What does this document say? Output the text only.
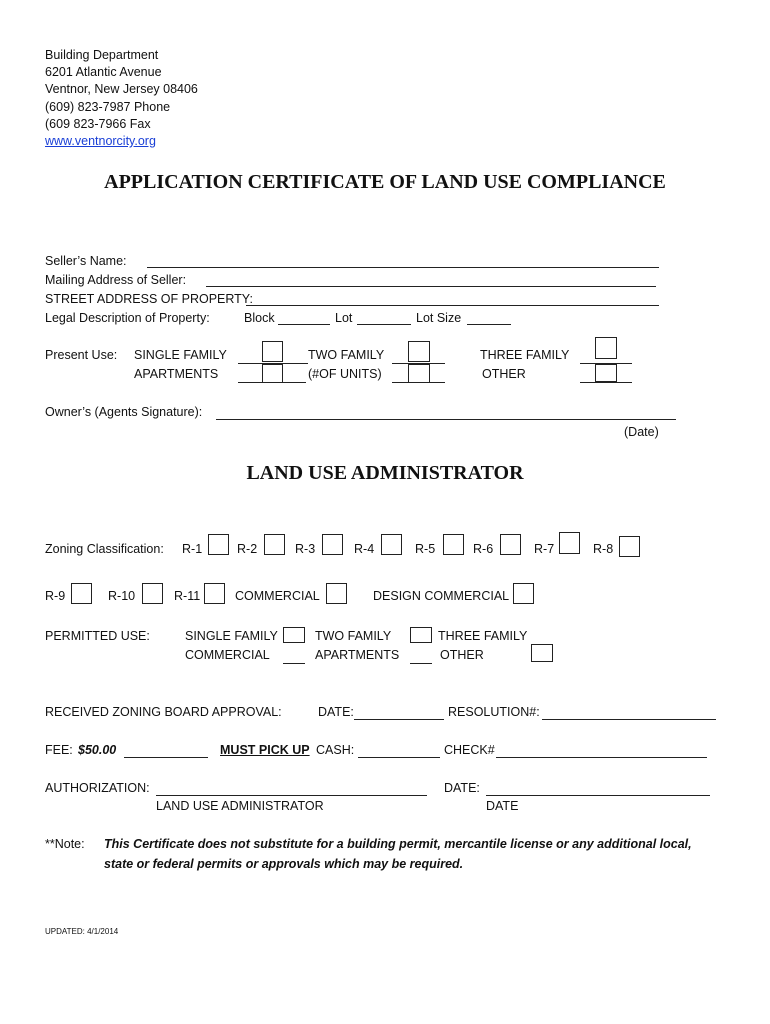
Building Department
6201 Atlantic Avenue
Ventnor, New Jersey 08406
(609) 823-7987 Phone
(609 823-7966 Fax
www.ventnorcity.org
APPLICATION CERTIFICATE OF LAND USE COMPLIANCE
Seller’s Name:
Mailing Address of Seller:
STREET ADDRESS OF PROPERTY:
Legal Description of Property:	Block	Lot	Lot Size
Present Use: SINGLE FAMILY	TWO FAMILY	THREE FAMILY
APARTMENTS	(#OF UNITS)	OTHER
Owner’s (Agents Signature):
(Date)
LAND USE ADMINISTRATOR
Zoning Classification: R-1	R-2	R-3	R-4	R-5	R-6	R-7	R-8
R-9	R-10	R-11	COMMERCIAL	DESIGN COMMERCIAL
PERMITTED USE:	SINGLE FAMILY	TWO FAMILY	THREE FAMILY
COMMERCIAL	APARTMENTS	OTHER
RECEIVED ZONING BOARD APPROVAL:	DATE:	RESOLUTION#:
FEE: $50.00	MUST PICK UP CASH:	CHECK#
AUTHORIZATION:	DATE:
LAND USE ADMINISTRATOR	DATE
**Note: This Certificate does not substitute for a building permit, mercantile license or any additional local,
state or federal permits or approvals which may be required.
UPDATED: 4/1/2014
